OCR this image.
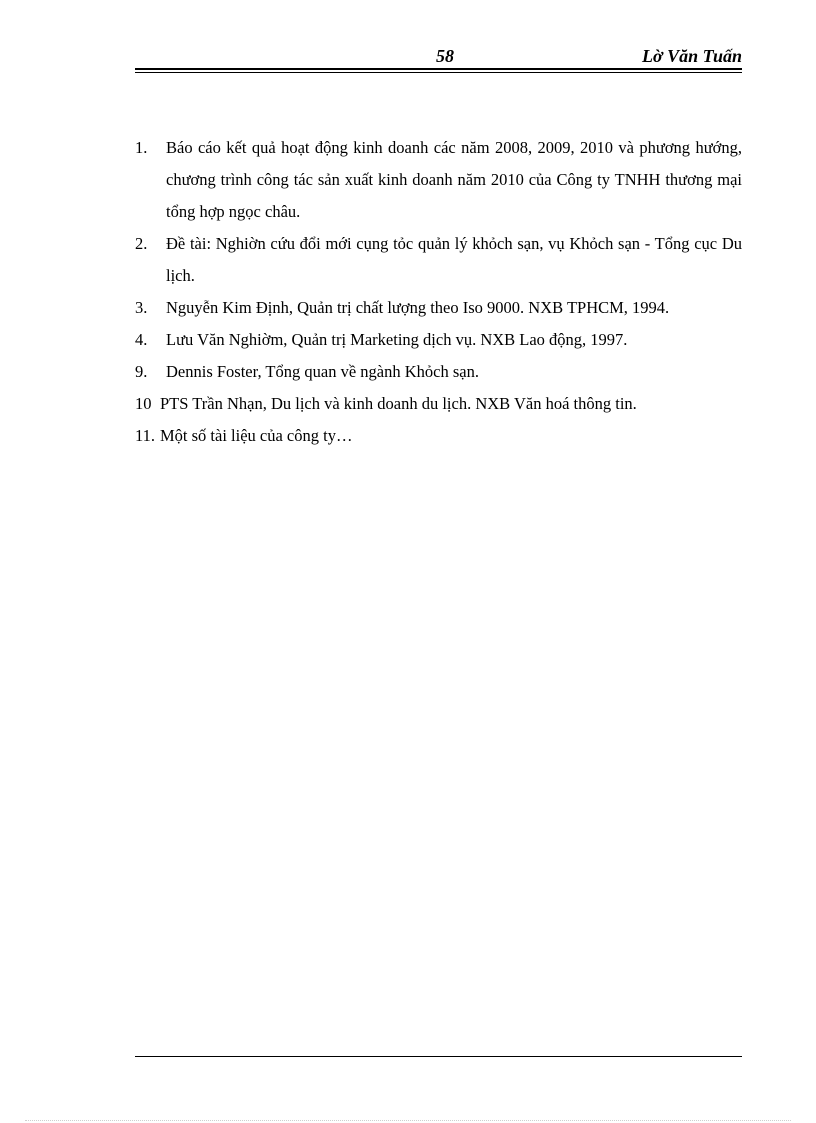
58	Lờ Văn Tuấn
1. Báo cáo kết quả hoạt động kinh doanh các năm 2008, 2009, 2010 và phương hướng, chương trình công tác sản xuất kinh doanh năm 2010 của Công ty TNHH thương mại tổng hợp ngọc châu.
2. Đề tài: Nghiờn cứu đổi mới cụng tỏc quản lý khỏch sạn, vụ Khỏch sạn - Tổng cục Du lịch.
3. Nguyễn Kim Định, Quản trị chất lượng theo Iso 9000. NXB TPHCM, 1994.
4. Lưu Văn Nghiờm, Quản trị Marketing dịch vụ. NXB Lao động, 1997.
9. Dennis Foster, Tổng quan về ngành Khỏch sạn.
10 PTS Trần Nhạn, Du lịch và kinh doanh du lịch. NXB Văn hoá thông tin.
11. Một số tài liệu của công ty…
